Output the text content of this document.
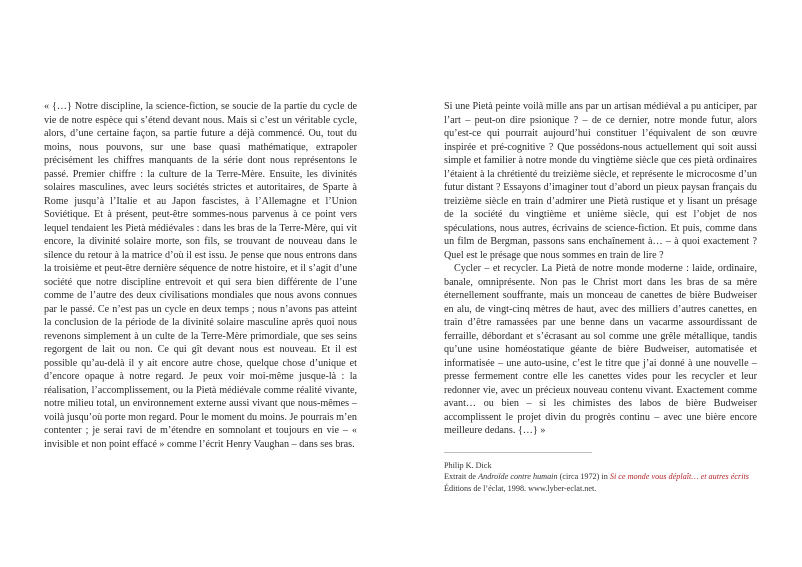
« {…} Notre discipline, la science-fiction, se soucie de la partie du cycle de vie de notre espèce qui s’étend devant nous. Mais si c’est un véritable cycle, alors, d’une certaine façon, sa partie future a déjà commencé. Ou, tout du moins, nous pouvons, sur une base quasi mathématique, extrapoler précisément les chiffres manquants de la série dont nous représentons le passé. Premier chiffre : la culture de la Terre-Mère. Ensuite, les divinités solaires masculines, avec leurs sociétés strictes et autoritaires, de Sparte à Rome jusqu’à l’Italie et au Japon fascistes, à l’Allemagne et l’Union Soviétique. Et à présent, peut-être sommes-nous parvenus à ce point vers lequel tendaient les Pietà médiévales : dans les bras de la Terre-Mère, qui vit encore, la divinité solaire morte, son fils, se trouvant de nouveau dans le silence du retour à la matrice d’où il est issu. Je pense que nous entrons dans la troisième et peut-être dernière séquence de notre histoire, et il s’agit d’une société que notre discipline entrevoit et qui sera bien différente de l’une comme de l’autre des deux civilisations mondiales que nous avons connues par le passé. Ce n’est pas un cycle en deux temps ; nous n’avons pas atteint la conclusion de la période de la divinité solaire masculine après quoi nous revenons simplement à un culte de la Terre-Mère primordiale, que ses seins regorgent de lait ou non. Ce qui gît devant nous est nouveau. Et il est possible qu’au-delà il y ait encore autre chose, quelque chose d’unique et d’encore opaque à notre regard. Je peux voir moi-même jusque-là : la réalisation, l’accomplissement, ou la Pietà médiévale comme réalité vivante, notre milieu total, un environnement externe aussi vivant que nous-mêmes – voilà jusqu’où porte mon regard. Pour le moment du moins. Je pourrais m’en contenter ; je serai ravi de m’étendre en somnolant et toujours en vie – « invisible et non point effacé » comme l’écrit Henry Vaughan – dans ses bras.

Si une Pietà peinte voilà mille ans par un artisan médiéval a pu anticiper, par l’art – peut-on dire psionique ? – de ce dernier, notre monde futur, alors qu’est-ce qui pourrait aujourd’hui constituer l’équivalent de son œuvre inspirée et pré-cognitive ? Que possédons-nous actuellement qui soit aussi simple et familier à notre monde du vingtième siècle que ces pietà ordinaires l’étaient à la chrétienté du treizième siècle, et représente le microcosme d’un futur distant ? Essayons d’imaginer tout d’abord un pieux paysan français du treizième siècle en train d’admirer une Pietà rustique et y lisant un présage de la société du vingtième et unième siècle, qui est l’objet de nos spéculations, nous autres, écrivains de science-fiction. Et puis, comme dans un film de Bergman, passons sans enchaînement à… – à quoi exactement ? Quel est le présage que nous sommes en train de lire ?

Cycler – et recycler. La Pietà de notre monde moderne : laide, ordinaire, banale, omniprésente. Non pas le Christ mort dans les bras de sa mère éternellement souffrante, mais un monceau de canettes de bière Budweiser en alu, de vingt-cinq mètres de haut, avec des milliers d’autres canettes, en train d’être ramassées par une benne dans un vacarme assourdissant de ferraille, débordant et s’écrasant au sol comme une grêle métallique, tandis qu’une usine homéostatique géante de bière Budweiser, automatisée et informatisée – une auto-usine, c’est le titre que j’ai donné à une nouvelle – presse fermement contre elle les canettes vides pour les recycler et leur redonner vie, avec un précieux nouveau contenu vivant. Exactement comme avant… ou bien – si les chimistes des labos de bière Budweiser accomplissent le projet divin du progrès continu – avec une bière encore meilleure dedans. {…} »

Philip K. Dick
Extrait de Androïde contre humain (circa 1972) in Si ce monde vous déplaît… et autres écrits
Éditions de l’éclat, 1998. www.lyber-eclat.net.
